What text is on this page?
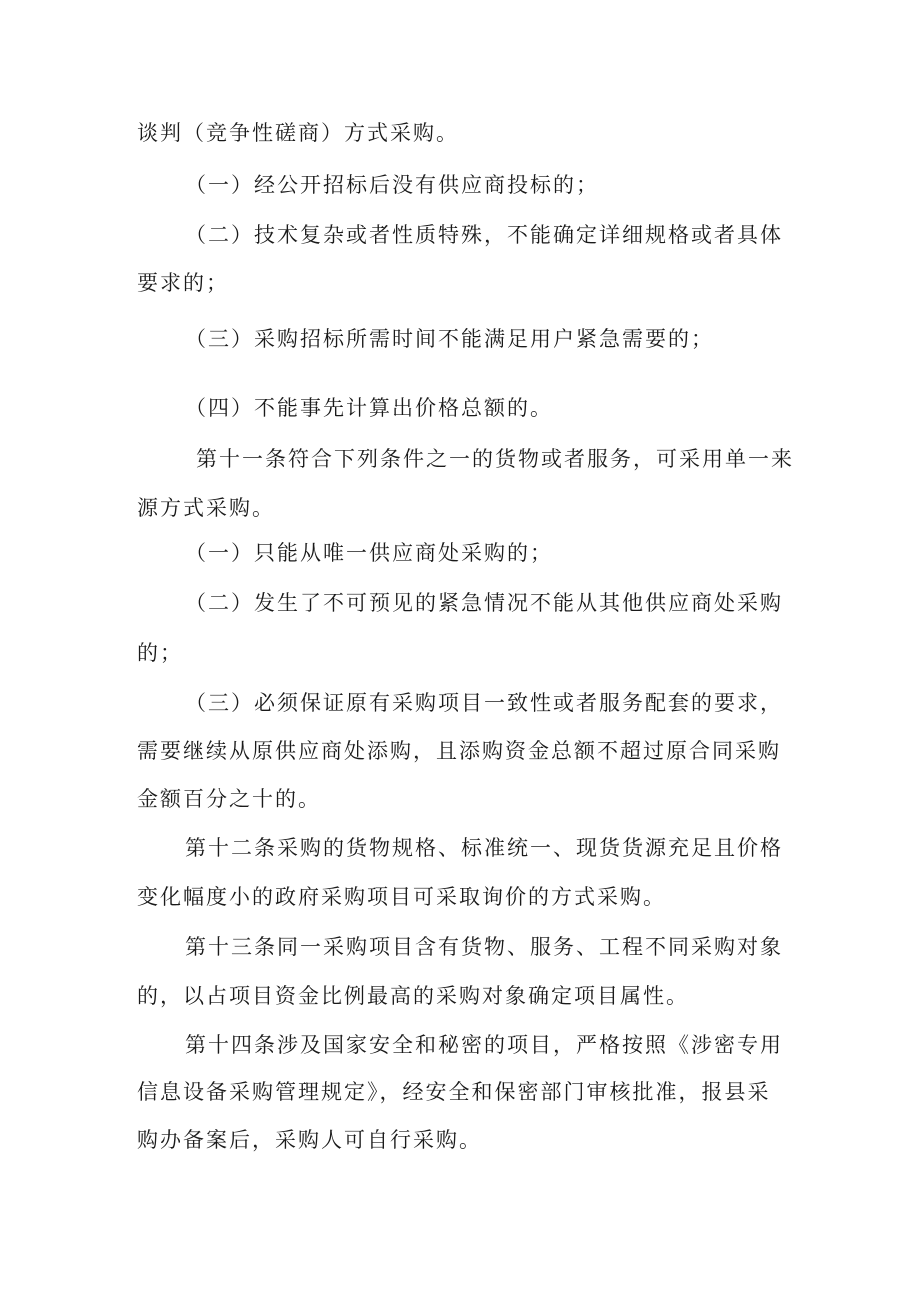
谈判（竞争性磋商）方式采购。
（一）经公开招标后没有供应商投标的；
（二）技术复杂或者性质特殊，不能确定详细规格或者具体
要求的；
（三）采购招标所需时间不能满足用户紧急需要的；
（四）不能事先计算出价格总额的。
第十一条符合下列条件之一的货物或者服务，可采用单一来
源方式采购。
（一）只能从唯一供应商处采购的；
（二）发生了不可预见的紧急情况不能从其他供应商处采购
的；
（三）必须保证原有采购项目一致性或者服务配套的要求，
需要继续从原供应商处添购，且添购资金总额不超过原合同采购
金额百分之十的。
第十二条采购的货物规格、标准统一、现货货源充足且价格
变化幅度小的政府采购项目可采取询价的方式采购。
第十三条同一采购项目含有货物、服务、工程不同采购对象
的，以占项目资金比例最高的采购对象确定项目属性。
第十四条涉及国家安全和秘密的项目，严格按照《涉密专用
信息设备采购管理规定》，经安全和保密部门审核批准，报县采
购办备案后，采购人可自行采购。
